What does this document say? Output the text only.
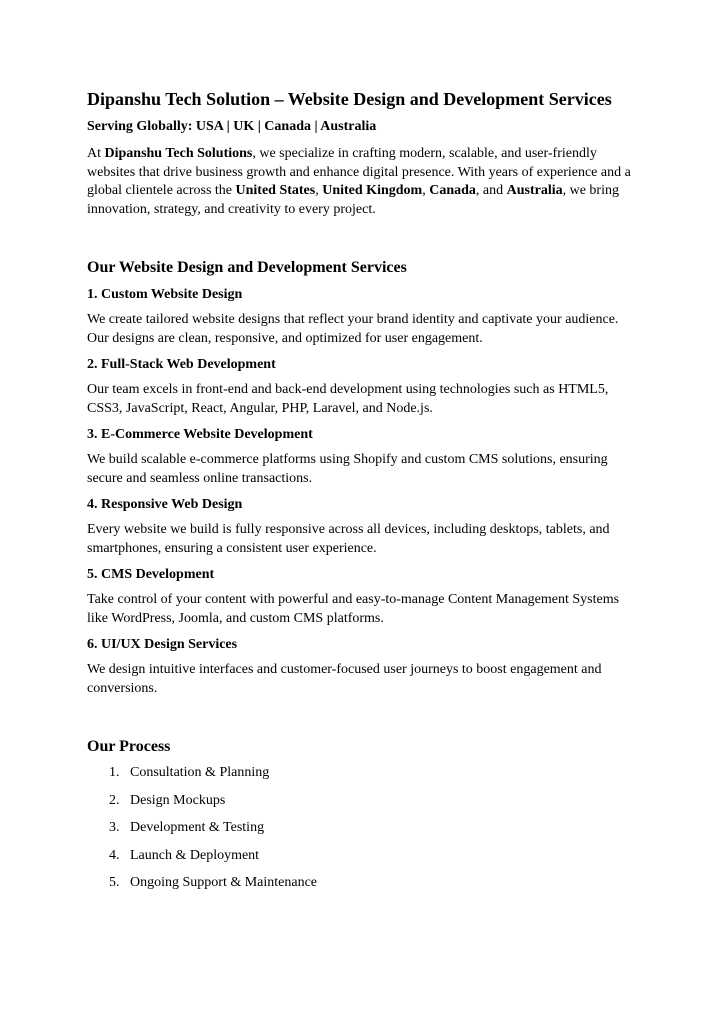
Dipanshu Tech Solution – Website Design and Development Services
Serving Globally: USA | UK | Canada | Australia

At Dipanshu Tech Solutions, we specialize in crafting modern, scalable, and user-friendly websites that drive business growth and enhance digital presence. With years of experience and a global clientele across the United States, United Kingdom, Canada, and Australia, we bring innovation, strategy, and creativity to every project.

Our Website Design and Development Services
1. Custom Website Design

We create tailored website designs that reflect your brand identity and captivate your audience. Our designs are clean, responsive, and optimized for user engagement.

2. Full-Stack Web Development

Our team excels in front-end and back-end development using technologies such as HTML5, CSS3, JavaScript, React, Angular, PHP, Laravel, and Node.js.

3. E-Commerce Website Development

We build scalable e-commerce platforms using Shopify and custom CMS solutions, ensuring secure and seamless online transactions.

4. Responsive Web Design

Every website we build is fully responsive across all devices, including desktops, tablets, and smartphones, ensuring a consistent user experience.

5. CMS Development

Take control of your content with powerful and easy-to-manage Content Management Systems like WordPress, Joomla, and custom CMS platforms.

6. UI/UX Design Services

We design intuitive interfaces and customer-focused user journeys to boost engagement and conversions.

Our Process
1. Consultation & Planning
2. Design Mockups
3. Development & Testing
4. Launch & Deployment
5. Ongoing Support & Maintenance
